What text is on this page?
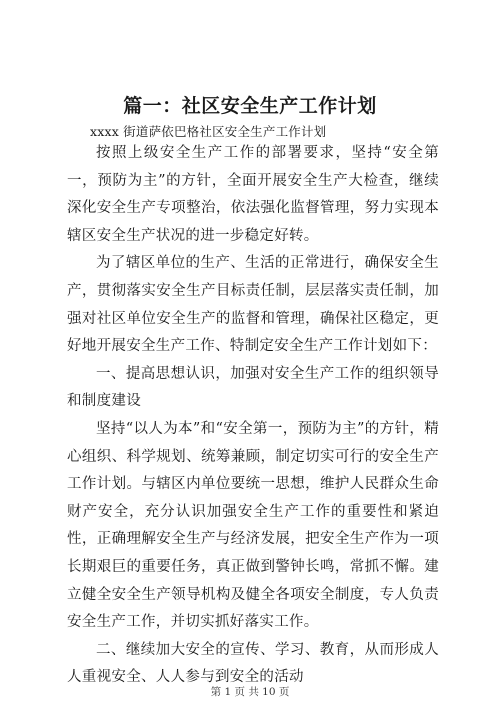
篇一：社区安全生产工作计划
xxxx 街道萨依巴格社区安全生产工作计划

按照上级安全生产工作的部署要求，坚持“安全第一，预防为主”的方针，全面开展安全生产大检查，继续深化安全生产专项整治，依法强化监督管理，努力实现本辖区安全生产状况的进一步稳定好转。

为了辖区单位的生产、生活的正常进行，确保安全生产，贯彻落实安全生产目标责任制，层层落实责任制，加强对社区单位安全生产的监督和管理，确保社区稳定，更好地开展安全生产工作、特制定安全生产工作计划如下：

一、提高思想认识，加强对安全生产工作的组织领导和制度建设

坚持“以人为本”和“安全第一，预防为主”的方针，精心组织、科学规划、统筹兼顾，制定切实可行的安全生产工作计划。与辖区内单位要统一思想，维护人民群众生命财产安全，充分认识加强安全生产工作的重要性和紧迫性，正确理解安全生产与经济发展，把安全生产作为一项长期艰巨的重要任务，真正做到警钟长鸣，常抓不懈。建立健全安全生产领导机构及健全各项安全制度，专人负责安全生产工作，并切实抓好落实工作。

二、继续加大安全的宣传、学习、教育，从而形成人人重视安全、人人参与到安全的活动

第 1 页 共 10 页
